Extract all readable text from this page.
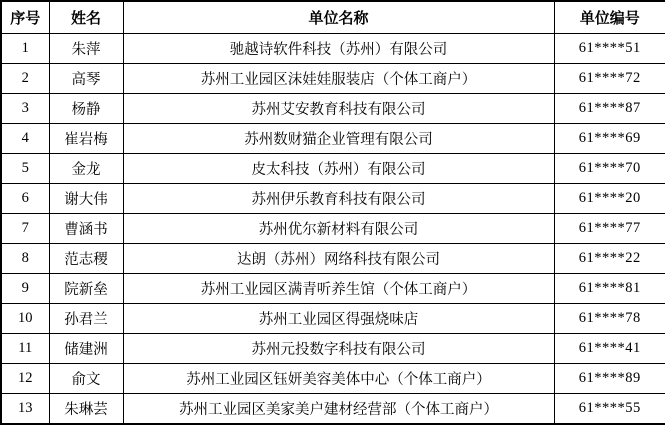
序号	姓名	单位名称	单位编号
1	朱萍	驰越诗软件科技（苏州）有限公司	61****51
2	高琴	苏州工业园区沫娃娃服装店（个体工商户）	61****72
3	杨静	苏州艾安教育科技有限公司	61****87
4	崔岩梅	苏州数财猫企业管理有限公司	61****69
5	金龙	皮太科技（苏州）有限公司	61****70
6	谢大伟	苏州伊乐教育科技有限公司	61****20
7	曹涵书	苏州优尔新材料有限公司	61****77
8	范志稷	达朗（苏州）网络科技有限公司	61****22
9	院新垒	苏州工业园区满青听养生馆（个体工商户）	61****81
10	孙君兰	苏州工业园区得强烧味店	61****78
11	储建洲	苏州元投数字科技有限公司	61****41
12	俞文	苏州工业园区钰妍美容美体中心（个体工商户）	61****89
13	朱琳芸	苏州工业园区美家美户建材经营部（个体工商户）	61****55
